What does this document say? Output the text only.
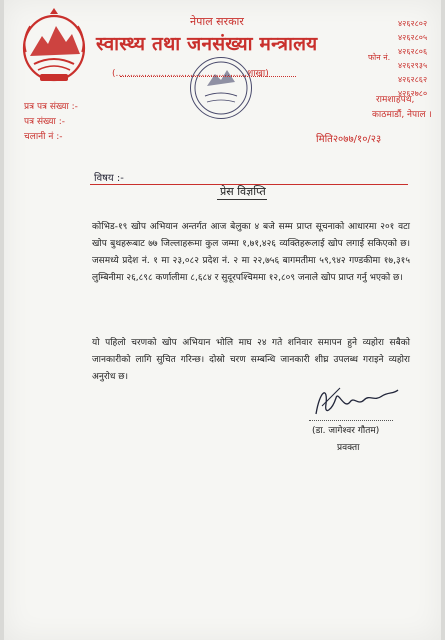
नेपाल सरकार
स्वास्थ्य तथा जनसंख्या मन्त्रालय
(..............................................शाखा)
फोन नं.
४२६२८०२
४२६२८०५
४२६२८०६
४२६२९३५
४२६२८६२
४२६२७८०
रामशाहपथ,
काठमाडौं, नेपाल ।
प्रत्र पत्र संख्या :-
पत्र संख्या :-
चलानी नं :-	मिति२०७७/१०/२३
विषय :-
प्रेस विज्ञप्ति
कोभिड-१९ खोप अभियान अन्तर्गत आज बेलुका ४ बजे सम्म प्राप्त सूचनाको आधारमा २०१ वटा खोप बुथहरूबाट ७७ जिल्लाहरूमा कुल जम्मा १,७१,४२६ व्यक्तिहरूलाई खोप लगाई सकिएको छ। जसमध्ये प्रदेश नं. १ मा २३,०८२ प्रदेश नं. २ मा २२,७५६ बागमतीमा ५९,९४२ गण्डकीमा १७,३१५ लुम्बिनीमा २६,८९८ कर्णालीमा ८,६८४ र सुदूरपश्चिममा १२,८०९ जनाले खोप प्राप्त गर्नु भएको छ।
यो पहिलो चरणको खोप अभियान भोलि माघ २४ गते शनिवार समापन हुने व्यहोरा सबैको जानकारीको लागि सुचित गरिन्छ। दोस्रो चरण सम्बन्धि जानकारी शीघ्र उपलब्ध गराइने व्यहोरा अनुरोध छ।
(डा. जागेश्वर गौतम)
प्रवक्ता
